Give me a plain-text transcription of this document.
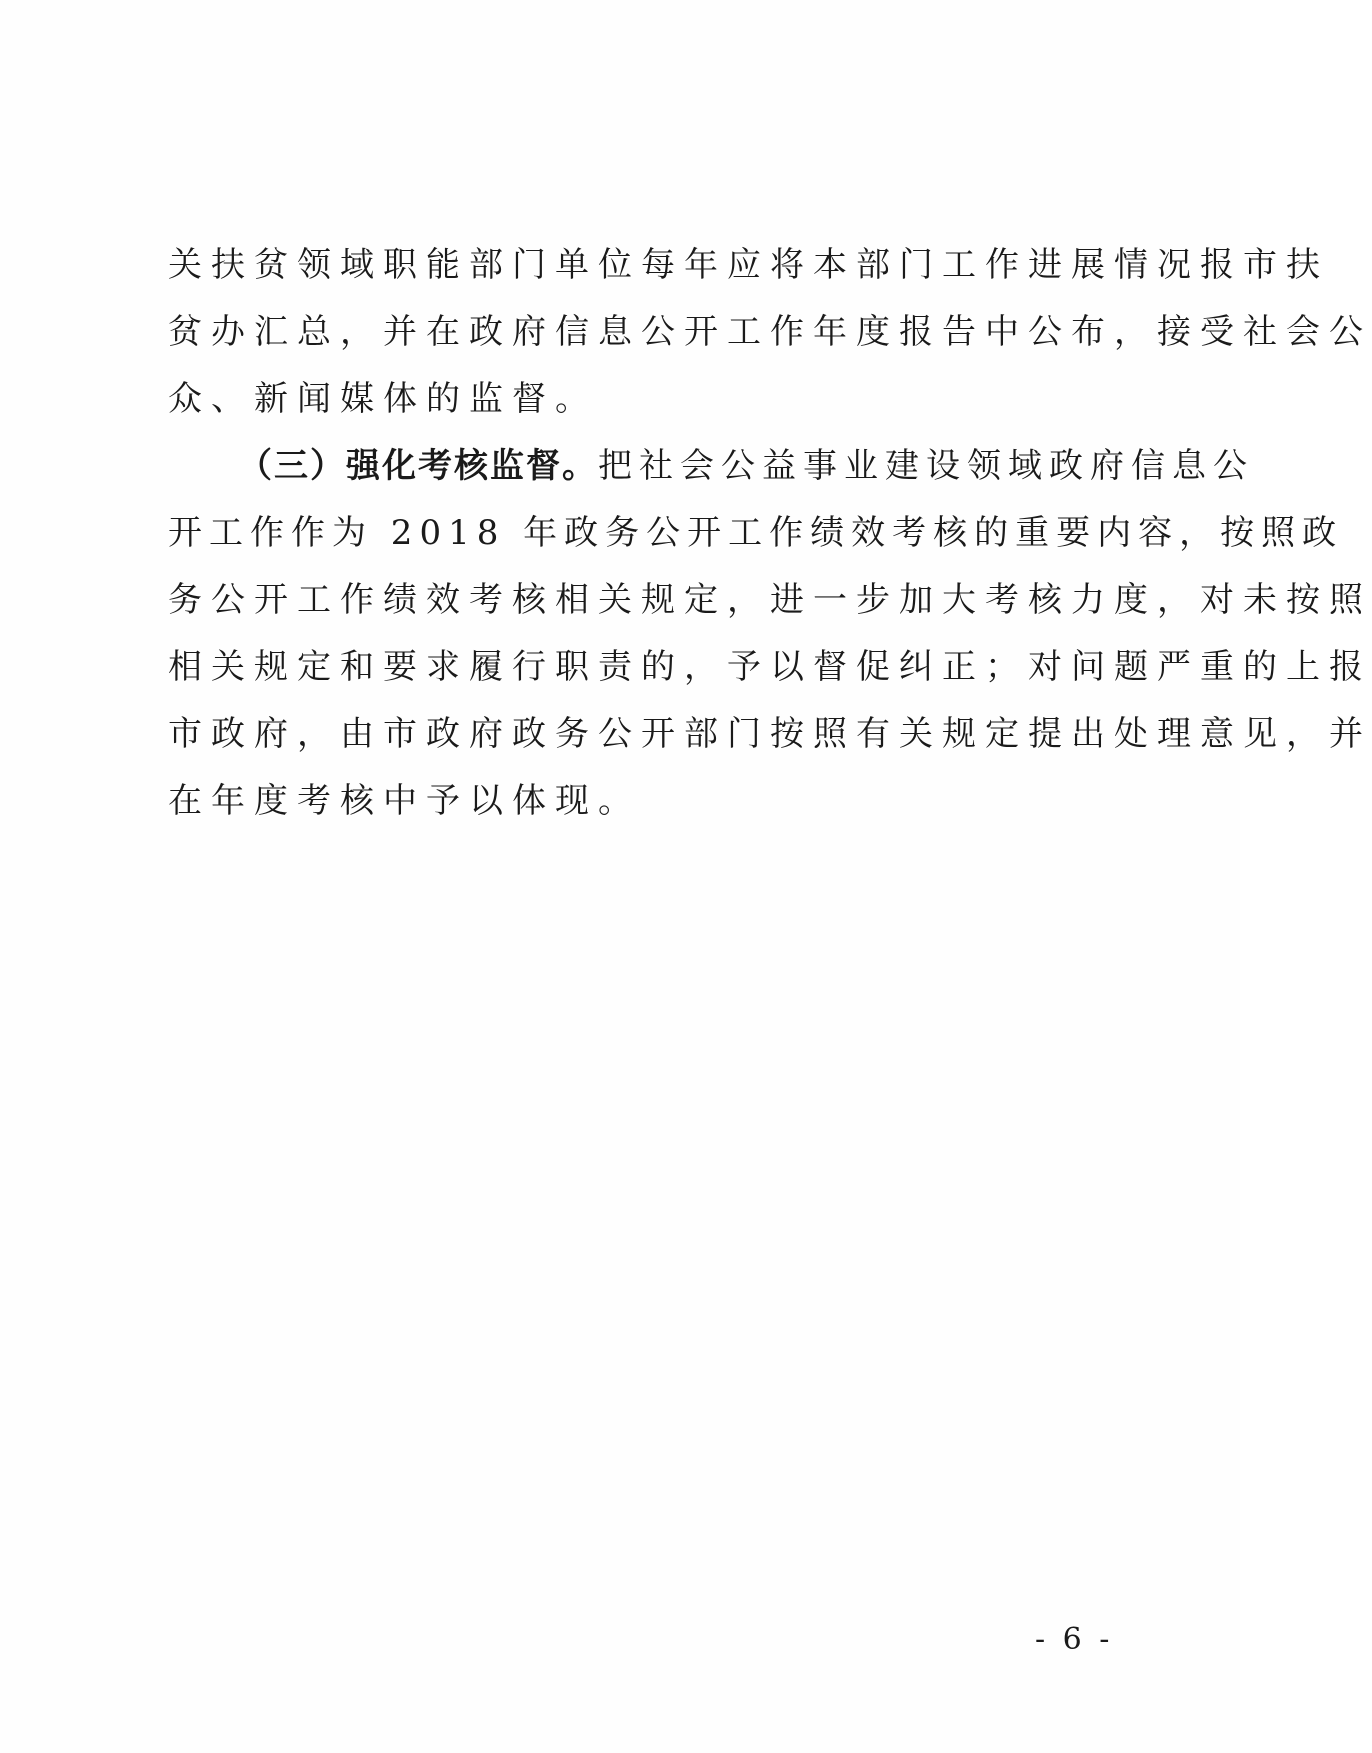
关扶贫领域职能部门单位每年应将本部门工作进展情况报市扶
贫办汇总，并在政府信息公开工作年度报告中公布，接受社会公
众、新闻媒体的监督。
（三）强化考核监督。把社会公益事业建设领域政府信息公
开工作作为 2018 年政务公开工作绩效考核的重要内容，按照政
务公开工作绩效考核相关规定，进一步加大考核力度，对未按照
相关规定和要求履行职责的，予以督促纠正；对问题严重的上报
市政府，由市政府政务公开部门按照有关规定提出处理意见，并
在年度考核中予以体现。
- 6 -
